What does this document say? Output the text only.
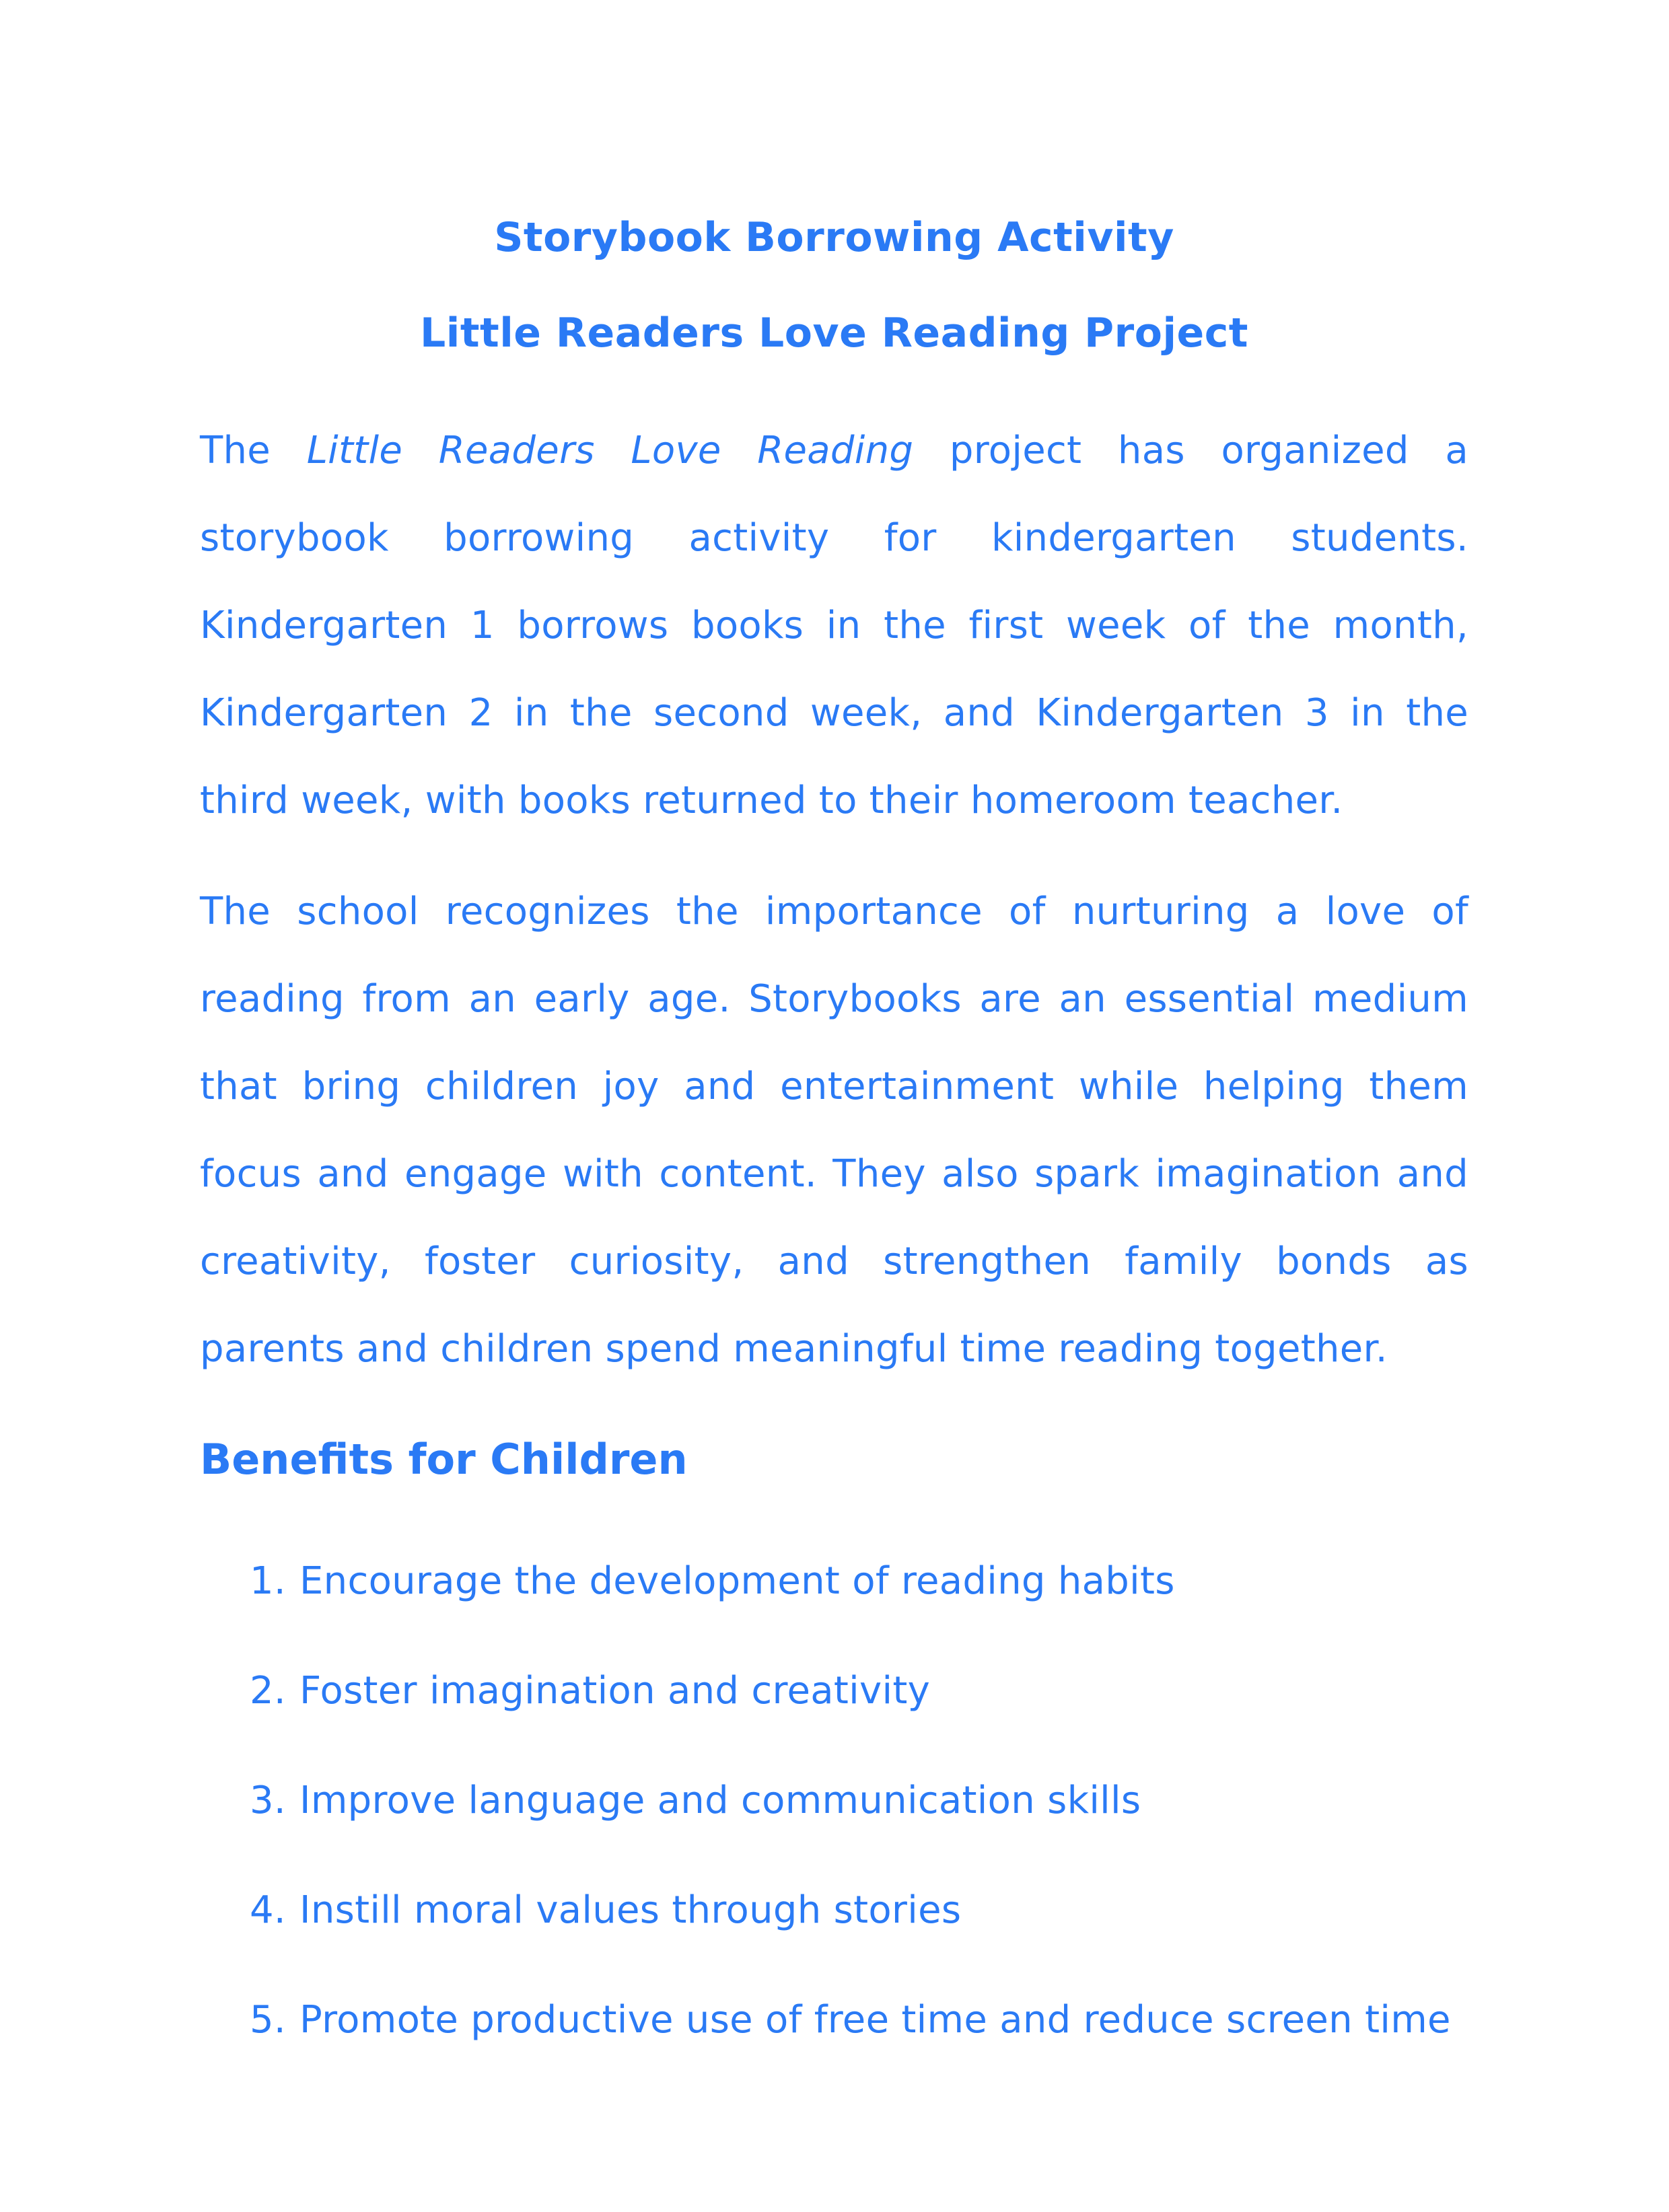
Storybook Borrowing Activity
Little Readers Love Reading Project

The Little Readers Love Reading project has organized a storybook borrowing activity for kindergarten students. Kindergarten 1 borrows books in the first week of the month, Kindergarten 2 in the second week, and Kindergarten 3 in the third week, with books returned to their homeroom teacher.

The school recognizes the importance of nurturing a love of reading from an early age. Storybooks are an essential medium that bring children joy and entertainment while helping them focus and engage with content. They also spark imagination and creativity, foster curiosity, and strengthen family bonds as parents and children spend meaningful time reading together.

Benefits for Children
1. Encourage the development of reading habits
2. Foster imagination and creativity
3. Improve language and communication skills
4. Instill moral values through stories
5. Promote productive use of free time and reduce screen time
